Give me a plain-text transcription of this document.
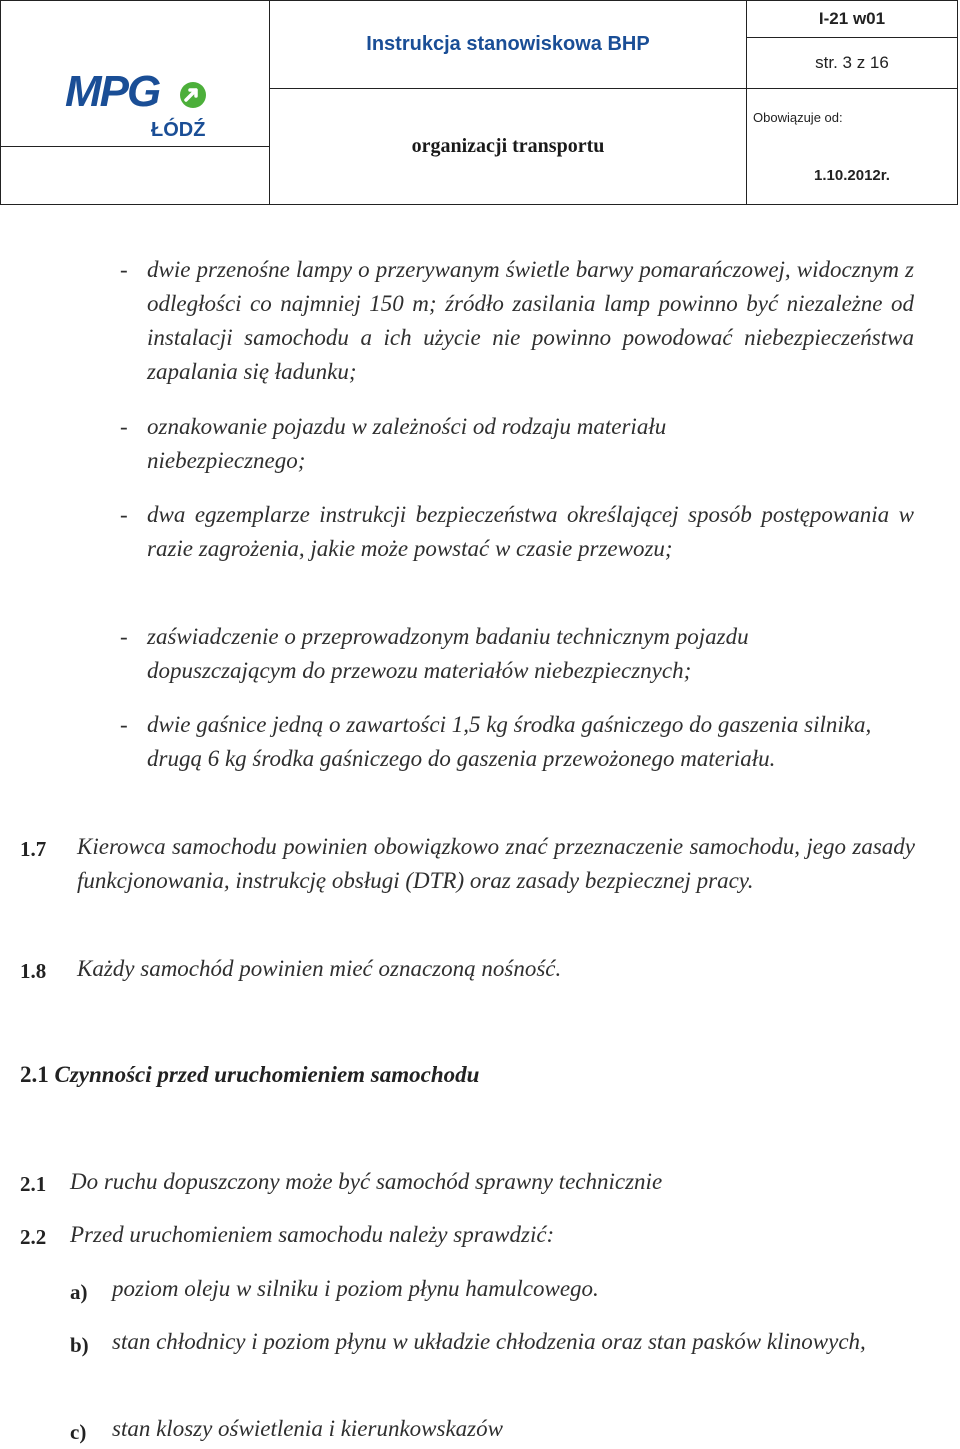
MPG
ŁÓDŹ	Instrukcja stanowiskowa BHP	I-21 w01
		str. 3 z 16
	organizacji transportu	Obowiązuje od:
		1.10.2012r.
- dwie przenośne lampy o przerywanym świetle barwy pomarańczowej, widocznym z odległości co najmniej 150 m; źródło zasilania lamp powinno być niezależne od instalacji samochodu a ich użycie nie powinno powodować niebezpieczeństwa zapalania się ładunku;

- oznakowanie pojazdu w zależności od rodzaju materiału niebezpiecznego;

- dwa egzemplarze instrukcji bezpieczeństwa określającej sposób postępowania w razie zagrożenia, jakie może powstać w czasie przewozu;

- zaświadczenie o przeprowadzonym badaniu technicznym pojazdu dopuszczającym do przewozu materiałów niebezpiecznych;

- dwie gaśnice jedną o zawartości 1,5 kg środka gaśniczego do gaszenia silnika, drugą 6 kg środka gaśniczego do gaszenia przewożonego materiału.

1.7 Kierowca samochodu powinien obowiązkowo znać przeznaczenie samochodu, jego zasady funkcjonowania, instrukcję obsługi (DTR) oraz zasady bezpiecznej pracy.

1.8 Każdy samochód powinien mieć oznaczoną nośność.

2.1 Czynności przed uruchomieniem samochodu
2.1 Do ruchu dopuszczony może być samochód sprawny technicznie

2.2 Przed uruchomieniem samochodu należy sprawdzić:

a) poziom oleju w silniku i poziom płynu hamulcowego.

b) stan chłodnicy i poziom płynu w układzie chłodzenia oraz stan pasków klinowych,

c) stan kloszy oświetlenia i kierunkowskazów
